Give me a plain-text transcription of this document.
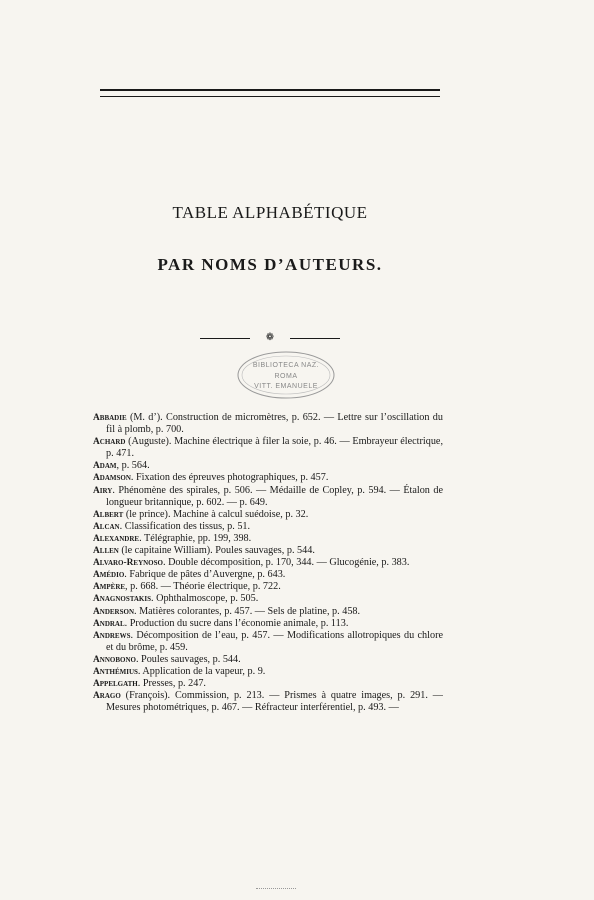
TABLE ALPHABÉTIQUE
PAR NOMS D’AUTEURS.
❁
BIBLIOTECA NAZ.
ROMA
VITT. EMANUELE

Abbadie (M. d’). Construction de micromètres, p. 652. — Lettre sur l’oscillation du fil à plomb, p. 700.

Achard (Auguste). Machine électrique à filer la soie, p. 46. — Embrayeur électrique, p. 471.

Adam, p. 564.

Adamson. Fixation des épreuves photographiques, p. 457.

Airy. Phénomène des spirales, p. 506. — Médaille de Copley, p. 594. — Étalon de longueur britannique, p. 602. — p. 649.

Albert (le prince). Machine à calcul suédoise, p. 32.

Alcan. Classification des tissus, p. 51.

Alexandre. Télégraphie, pp. 199, 398.

Allen (le capitaine William). Poules sauvages, p. 544.

Alvaro-Reynoso. Double décomposition, p. 170, 344. — Glucogénie, p. 383.

Amédio. Fabrique de pâtes d’Auvergne, p. 643.

Ampère, p. 668. — Théorie électrique, p. 722.

Anagnostakis. Ophthalmoscope, p. 505.

Anderson. Matières colorantes, p. 457. — Sels de platine, p. 458.

Andral. Production du sucre dans l’économie animale, p. 113.

Andrews. Décomposition de l’eau, p. 457. — Modifications allotropiques du chlore et du brôme, p. 459.

Annobono. Poules sauvages, p. 544.

Anthémius. Application de la vapeur, p. 9.

Appelgath. Presses, p. 247.

Arago (François). Commission, p. 213. — Prismes à quatre images, p. 291. — Mesures photométriques, p. 467. — Réfracteur interférentiel, p. 493. —
